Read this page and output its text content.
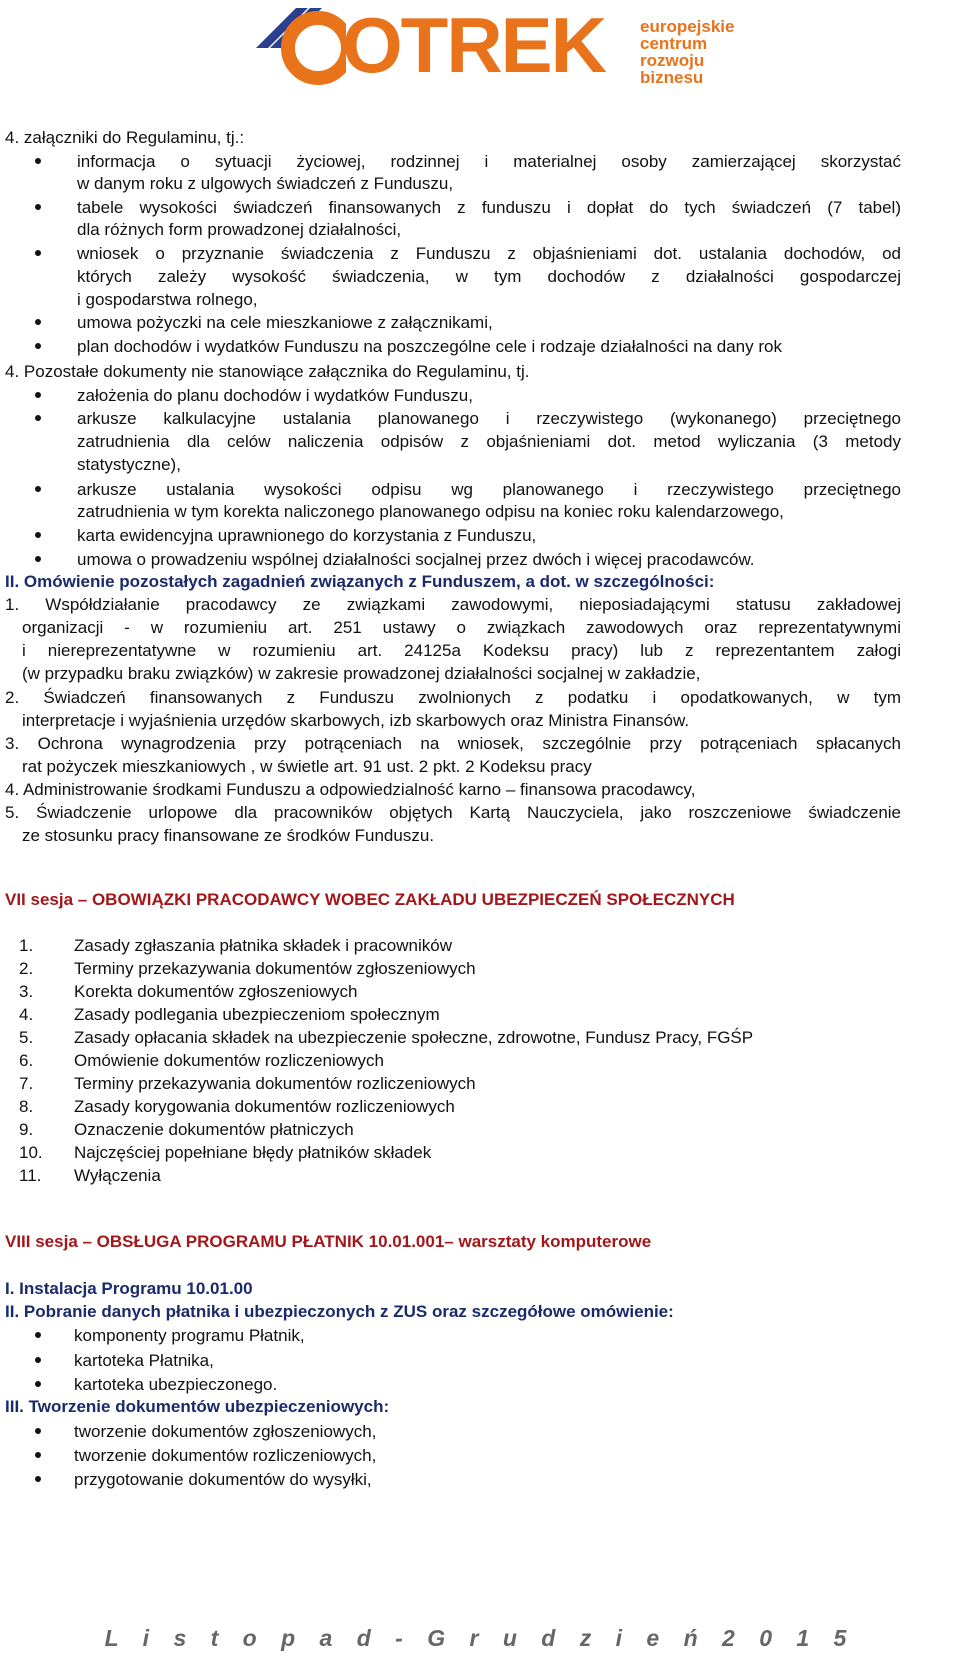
OTREK europejskie
centrum
rozwoju
biznesu
4. załączniki do Regulaminu, tj.:
informacja o sytuacji życiowej, rodzinnej i materialnej osoby zamierzającej skorzystać
w danym roku z ulgowych świadczeń z Funduszu,
tabele wysokości świadczeń finansowanych z funduszu i dopłat do tych świadczeń (7 tabel)
dla różnych form prowadzonej działalności,
wniosek o przyznanie świadczenia z Funduszu z objaśnieniami dot. ustalania dochodów, od
których zależy wysokość świadczenia, w tym dochodów z działalności gospodarczej
i gospodarstwa rolnego,
umowa pożyczki na cele mieszkaniowe z załącznikami,
plan dochodów i wydatków Funduszu na poszczególne cele i rodzaje działalności na dany rok
4. Pozostałe dokumenty nie stanowiące załącznika do Regulaminu, tj.
założenia do planu dochodów i wydatków Funduszu,
arkusze kalkulacyjne ustalania planowanego i rzeczywistego (wykonanego) przeciętnego
zatrudnienia dla celów naliczenia odpisów z objaśnieniami dot. metod wyliczania (3 metody
statystyczne),
arkusze ustalania wysokości odpisu wg planowanego i rzeczywistego przeciętnego
zatrudnienia w tym korekta naliczonego planowanego odpisu na koniec roku kalendarzowego,
karta ewidencyjna uprawnionego do korzystania z Funduszu,
umowa o prowadzeniu wspólnej działalności socjalnej przez dwóch i więcej pracodawców.
II. Omówienie pozostałych zagadnień związanych z Funduszem, a dot. w szczególności:
1. Współdziałanie pracodawcy ze związkami zawodowymi, nieposiadającymi statusu zakładowej
organizacji - w rozumieniu art. 251 ustawy o związkach zawodowych oraz reprezentatywnymi
i niereprezentatywne w rozumieniu art. 24125a Kodeksu pracy) lub z reprezentantem załogi
(w przypadku braku związków) w zakresie prowadzonej działalności socjalnej w zakładzie,
2. Świadczeń finansowanych z Funduszu zwolnionych z podatku i opodatkowanych, w tym
interpretacje i wyjaśnienia urzędów skarbowych, izb skarbowych oraz Ministra Finansów.
3. Ochrona wynagrodzenia przy potrąceniach na wniosek, szczególnie przy potrąceniach spłacanych
rat pożyczek mieszkaniowych , w świetle art. 91 ust. 2 pkt. 2 Kodeksu pracy
4. Administrowanie środkami Funduszu a odpowiedzialność karno – finansowa pracodawcy,
5. Świadczenie urlopowe dla pracowników objętych Kartą Nauczyciela, jako roszczeniowe świadczenie
ze stosunku pracy finansowane ze środków Funduszu.
VII sesja – OBOWIĄZKI PRACODAWCY WOBEC ZAKŁADU UBEZPIECZEŃ SPOŁECZNYCH
1. Zasady zgłaszania płatnika składek i pracowników
2. Terminy przekazywania dokumentów zgłoszeniowych
3. Korekta dokumentów zgłoszeniowych
4. Zasady podlegania ubezpieczeniom społecznym
5. Zasady opłacania składek na ubezpieczenie społeczne, zdrowotne, Fundusz Pracy, FGŚP
6. Omówienie dokumentów rozliczeniowych
7. Terminy przekazywania dokumentów rozliczeniowych
8. Zasady korygowania dokumentów rozliczeniowych
9. Oznaczenie dokumentów płatniczych
10. Najczęściej popełniane błędy płatników składek
11. Wyłączenia
VIII sesja – OBSŁUGA PROGRAMU PŁATNIK 10.01.001– warsztaty komputerowe
I. Instalacja Programu 10.01.00
II. Pobranie danych płatnika i ubezpieczonych z ZUS oraz szczegółowe omówienie:
komponenty programu Płatnik,
kartoteka Płatnika,
kartoteka ubezpieczonego.
III. Tworzenie dokumentów ubezpieczeniowych:
tworzenie dokumentów zgłoszeniowych,
tworzenie dokumentów rozliczeniowych,
przygotowanie dokumentów do wysyłki,
L i s t o p a d - G r u d z i e ń 2 0 1 5
